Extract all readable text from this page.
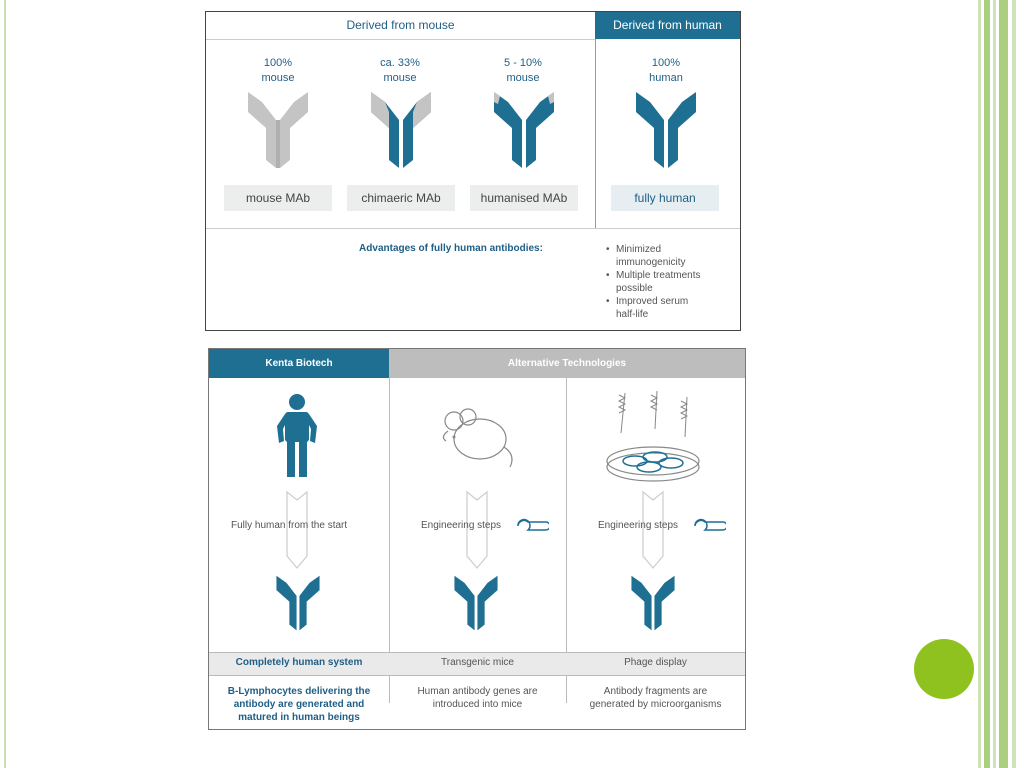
Derived from mouse	Derived from human
100%
mouse
mouse MAb
ca. 33%
mouse
chimaeric MAb
5 - 10%
mouse
humanised MAb
100%
human
fully human
Advantages of fully human antibodies:
•	Minimized
immunogenicity
• Multiple treatments
possible
• Improved serum
half-life
Kenta Biotech	Alternative Technologies
Fully human from the start	Engineering steps	Engineering steps
Completely human system	Transgenic mice	Phage display
B-Lymphocytes delivering the
antibody are generated and
matured in human beings
Human antibody genes are
introduced into mice
Antibody fragments are
generated by microorganisms
